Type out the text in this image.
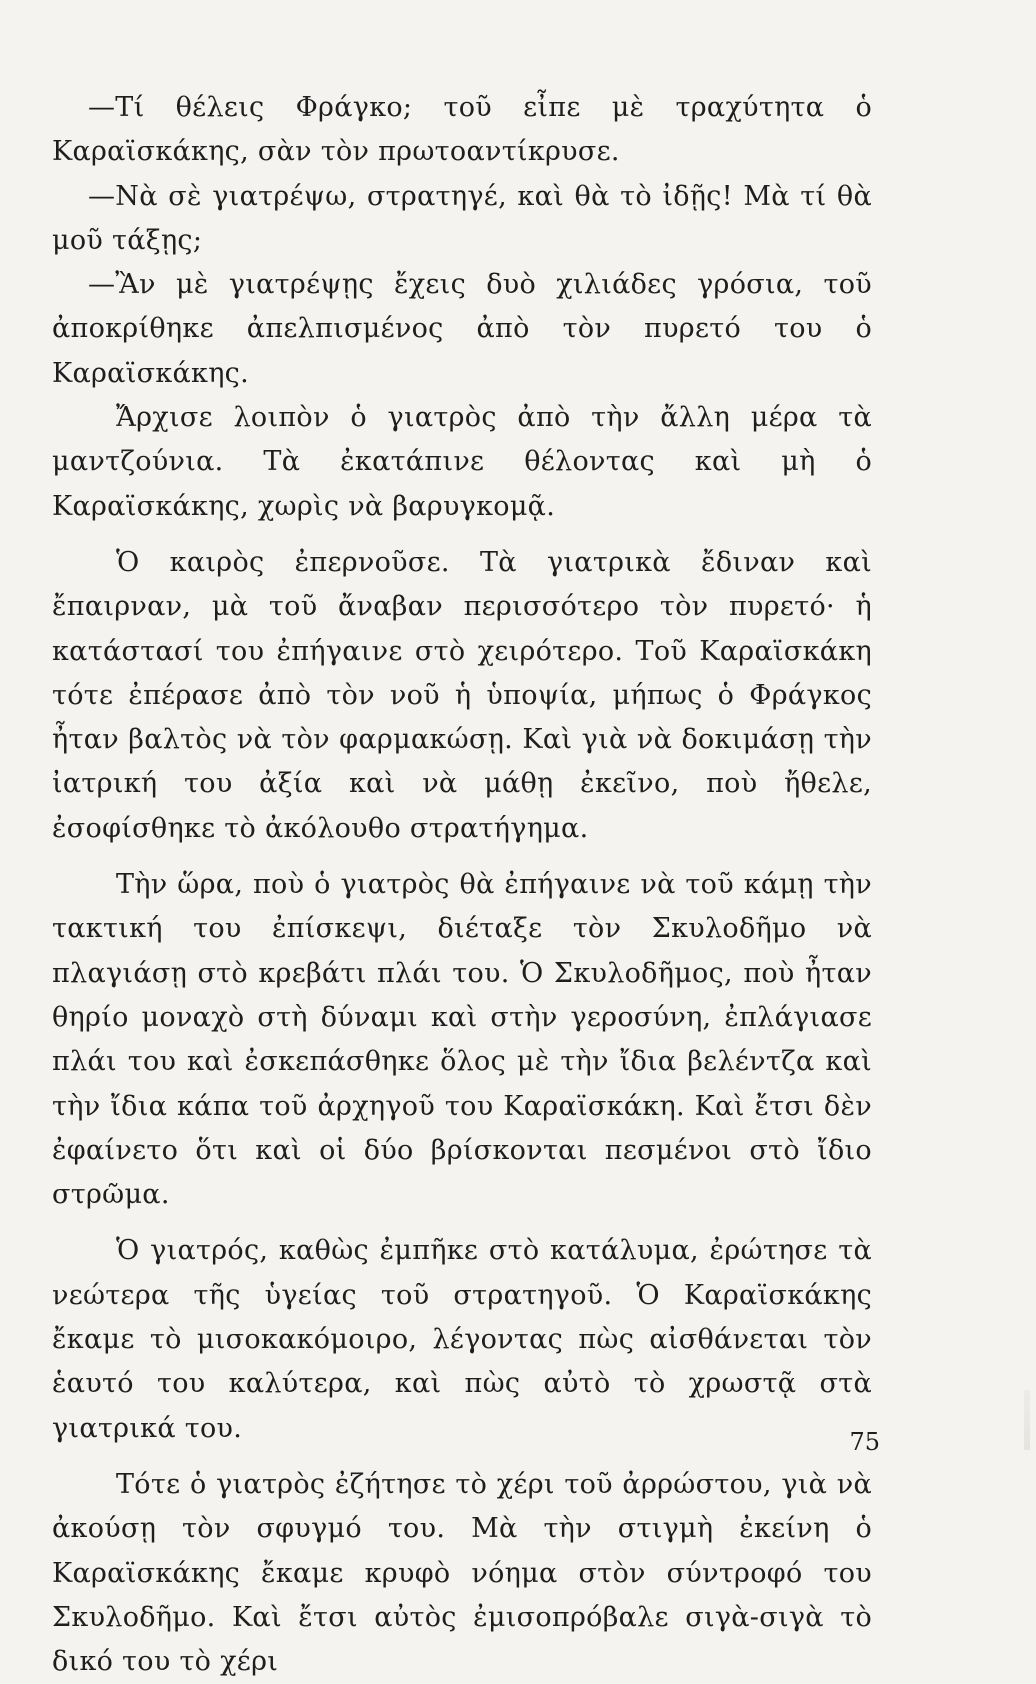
—Τί θέλεις Φράγκο; τοῦ εἶπε μὲ τραχύτητα ὁ Καραϊσκάκης, σὰν τὸν πρωτοαντίκρυσε.

—Νὰ σὲ γιατρέψω, στρατηγέ, καὶ θὰ τὸ ἰδῇς! Μὰ τί θὰ μοῦ τάξῃς;

—Ἂν μὲ γιατρέψῃς ἔχεις δυὸ χιλιάδες γρόσια, τοῦ ἀποκρίθηκε ἀπελπισμένος ἀπὸ τὸν πυρετό του ὁ Καραϊσκάκης.

Ἄρχισε λοιπὸν ὁ γιατρὸς ἀπὸ τὴν ἄλλη μέρα τὰ μαντζούνια. Τὰ ἐκατάπινε θέλοντας καὶ μὴ ὁ Καραϊσκάκης, χωρὶς νὰ βαρυγκομᾷ.

Ὁ καιρὸς ἐπερνοῦσε. Τὰ γιατρικὰ ἔδιναν καὶ ἔπαιρναν, μὰ τοῦ ἄναβαν περισσότερο τὸν πυρετό· ἡ κατάστασί του ἐπήγαινε στὸ χειρότερο. Τοῦ Καραϊσκάκη τότε ἐπέρασε ἀπὸ τὸν νοῦ ἡ ὑποψία, μήπως ὁ Φράγκος ἦταν βαλτὸς νὰ τὸν φαρμακώσῃ. Καὶ γιὰ νὰ δοκιμάσῃ τὴν ἰατρική του ἀξία καὶ νὰ μάθῃ ἐκεῖνο, ποὺ ἤθελε, ἐσοφίσθηκε τὸ ἀκόλουθο στρατήγημα.

Τὴν ὥρα, ποὺ ὁ γιατρὸς θὰ ἐπήγαινε νὰ τοῦ κάμῃ τὴν τακτική του ἐπίσκεψι, διέταξε τὸν Σκυλοδῆμο νὰ πλαγιάσῃ στὸ κρεβάτι πλάι του. Ὁ Σκυλοδῆμος, ποὺ ἦταν θηρίο μοναχὸ στὴ δύναμι καὶ στὴν γεροσύνη, ἐπλάγιασε πλάι του καὶ ἐσκεπάσθηκε ὅλος μὲ τὴν ἴδια βελέντζα καὶ τὴν ἴδια κάπα τοῦ ἀρχηγοῦ του Καραϊσκάκη. Καὶ ἔτσι δὲν ἐφαίνετο ὅτι καὶ οἱ δύο βρίσκονται πεσμένοι στὸ ἴδιο στρῶμα.

Ὁ γιατρός, καθὼς ἐμπῆκε στὸ κατάλυμα, ἐρώτησε τὰ νεώτερα τῆς ὑγείας τοῦ στρατηγοῦ. Ὁ Καραϊσκάκης ἔκαμε τὸ μισοκακόμοιρο, λέγοντας πὼς αἰσθάνεται τὸν ἑαυτό του καλύτερα, καὶ πὼς αὐτὸ τὸ χρωστᾷ στὰ γιατρικά του.

Τότε ὁ γιατρὸς ἐζήτησε τὸ χέρι τοῦ ἀρρώστου, γιὰ νὰ ἀκούσῃ τὸν σφυγμό του. Μὰ τὴν στιγμὴ ἐκείνη ὁ Καραϊσκάκης ἔκαμε κρυφὸ νόημα στὸν σύντροφό του Σκυλοδῆμο. Καὶ ἔτσι αὐτὸς ἐμισοπρόβαλε σιγὰ-σιγὰ τὸ δικό του τὸ χέρι

75
